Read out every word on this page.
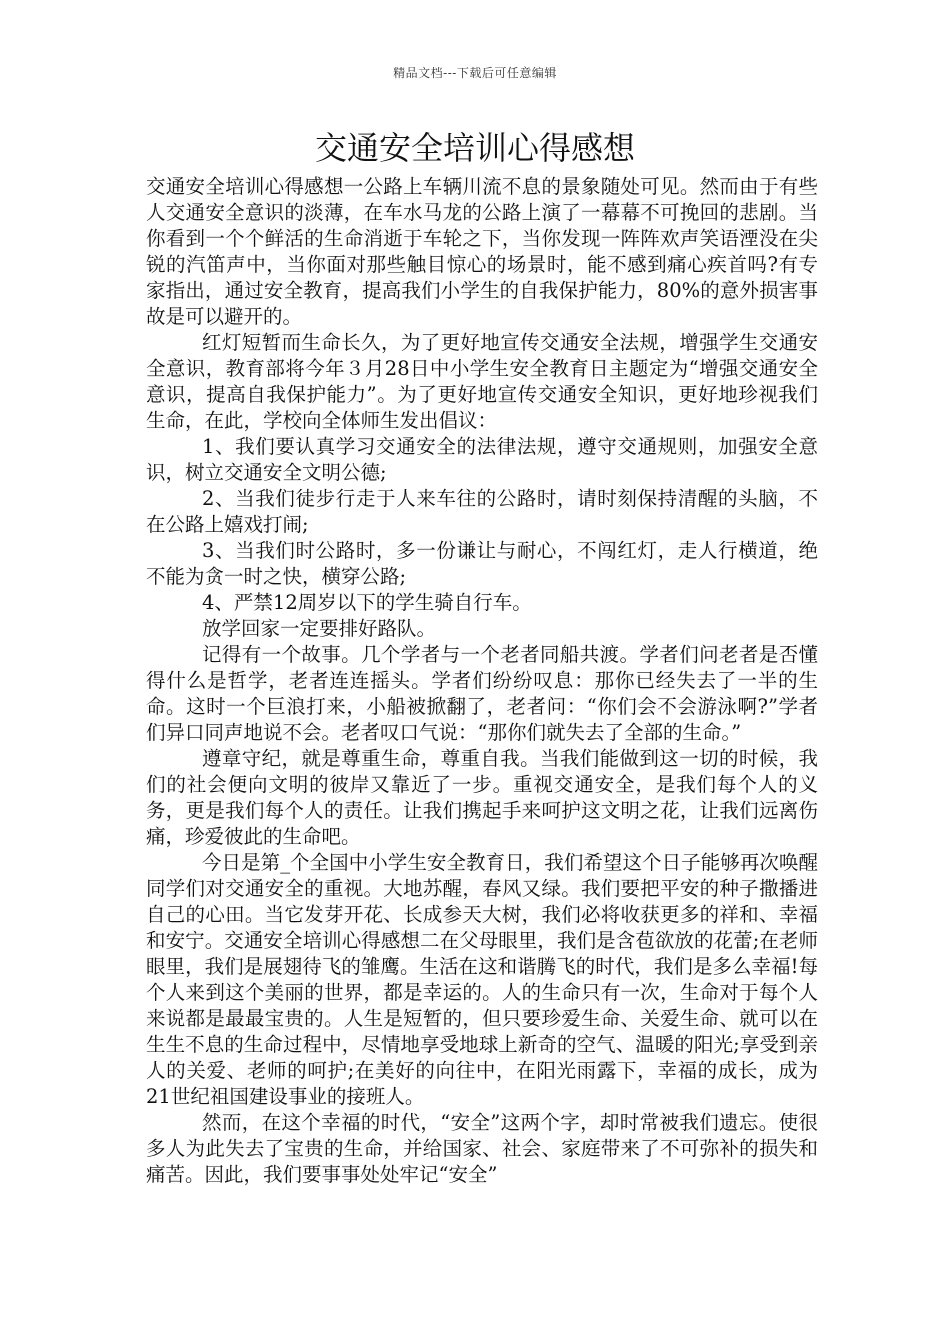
精品文档---下载后可任意编辑
交通安全培训心得感想

交通安全培训心得感想一公路上车辆川流不息的景象随处可见。然而由于有些人交通安全意识的淡薄，在车水马龙的公路上演了一幕幕不可挽回的悲剧。当你看到一个个鲜活的生命消逝于车轮之下，当你发现一阵阵欢声笑语湮没在尖锐的汽笛声中，当你面对那些触目惊心的场景时，能不感到痛心疾首吗?有专家指出，通过安全教育，提高我们小学生的自我保护能力，80%的意外损害事故是可以避开的。

红灯短暂而生命长久，为了更好地宣传交通安全法规，增强学生交通安全意识，教育部将今年３月28日中小学生安全教育日主题定为“增强交通安全意识，提高自我保护能力”。为了更好地宣传交通安全知识，更好地珍视我们生命，在此，学校向全体师生发出倡议：

1、我们要认真学习交通安全的法律法规，遵守交通规则，加强安全意识，树立交通安全文明公德;

2、当我们徒步行走于人来车往的公路时，请时刻保持清醒的头脑，不在公路上嬉戏打闹;

3、当我们时公路时，多一份谦让与耐心，不闯红灯，走人行横道，绝不能为贪一时之快，横穿公路;

4、严禁12周岁以下的学生骑自行车。

放学回家一定要排好路队。

记得有一个故事。几个学者与一个老者同船共渡。学者们问老者是否懂得什么是哲学，老者连连摇头。学者们纷纷叹息：那你已经失去了一半的生命。这时一个巨浪打来，小船被掀翻了，老者问：“你们会不会游泳啊?”学者们异口同声地说不会。老者叹口气说：“那你们就失去了全部的生命。”

遵章守纪，就是尊重生命，尊重自我。当我们能做到这一切的时候，我们的社会便向文明的彼岸又靠近了一步。重视交通安全，是我们每个人的义务，更是我们每个人的责任。让我们携起手来呵护这文明之花，让我们远离伤痛，珍爱彼此的生命吧。

今日是第_个全国中小学生安全教育日，我们希望这个日子能够再次唤醒同学们对交通安全的重视。大地苏醒，春风又绿。我们要把平安的种子撒播进自己的心田。当它发芽开花、长成参天大树，我们必将收获更多的祥和、幸福和安宁。交通安全培训心得感想二在父母眼里，我们是含苞欲放的花蕾;在老师眼里，我们是展翅待飞的雏鹰。生活在这和谐腾飞的时代，我们是多么幸福!每个人来到这个美丽的世界，都是幸运的。人的生命只有一次，生命对于每个人来说都是最最宝贵的。人生是短暂的，但只要珍爱生命、关爱生命、就可以在生生不息的生命过程中，尽情地享受地球上新奇的空气、温暖的阳光;享受到亲人的关爱、老师的呵护;在美好的向往中，在阳光雨露下，幸福的成长，成为21世纪祖国建设事业的接班人。

然而，在这个幸福的时代，“安全”这两个字，却时常被我们遗忘。使很多人为此失去了宝贵的生命，并给国家、社会、家庭带来了不可弥补的损失和痛苦。因此，我们要事事处处牢记“安全”
